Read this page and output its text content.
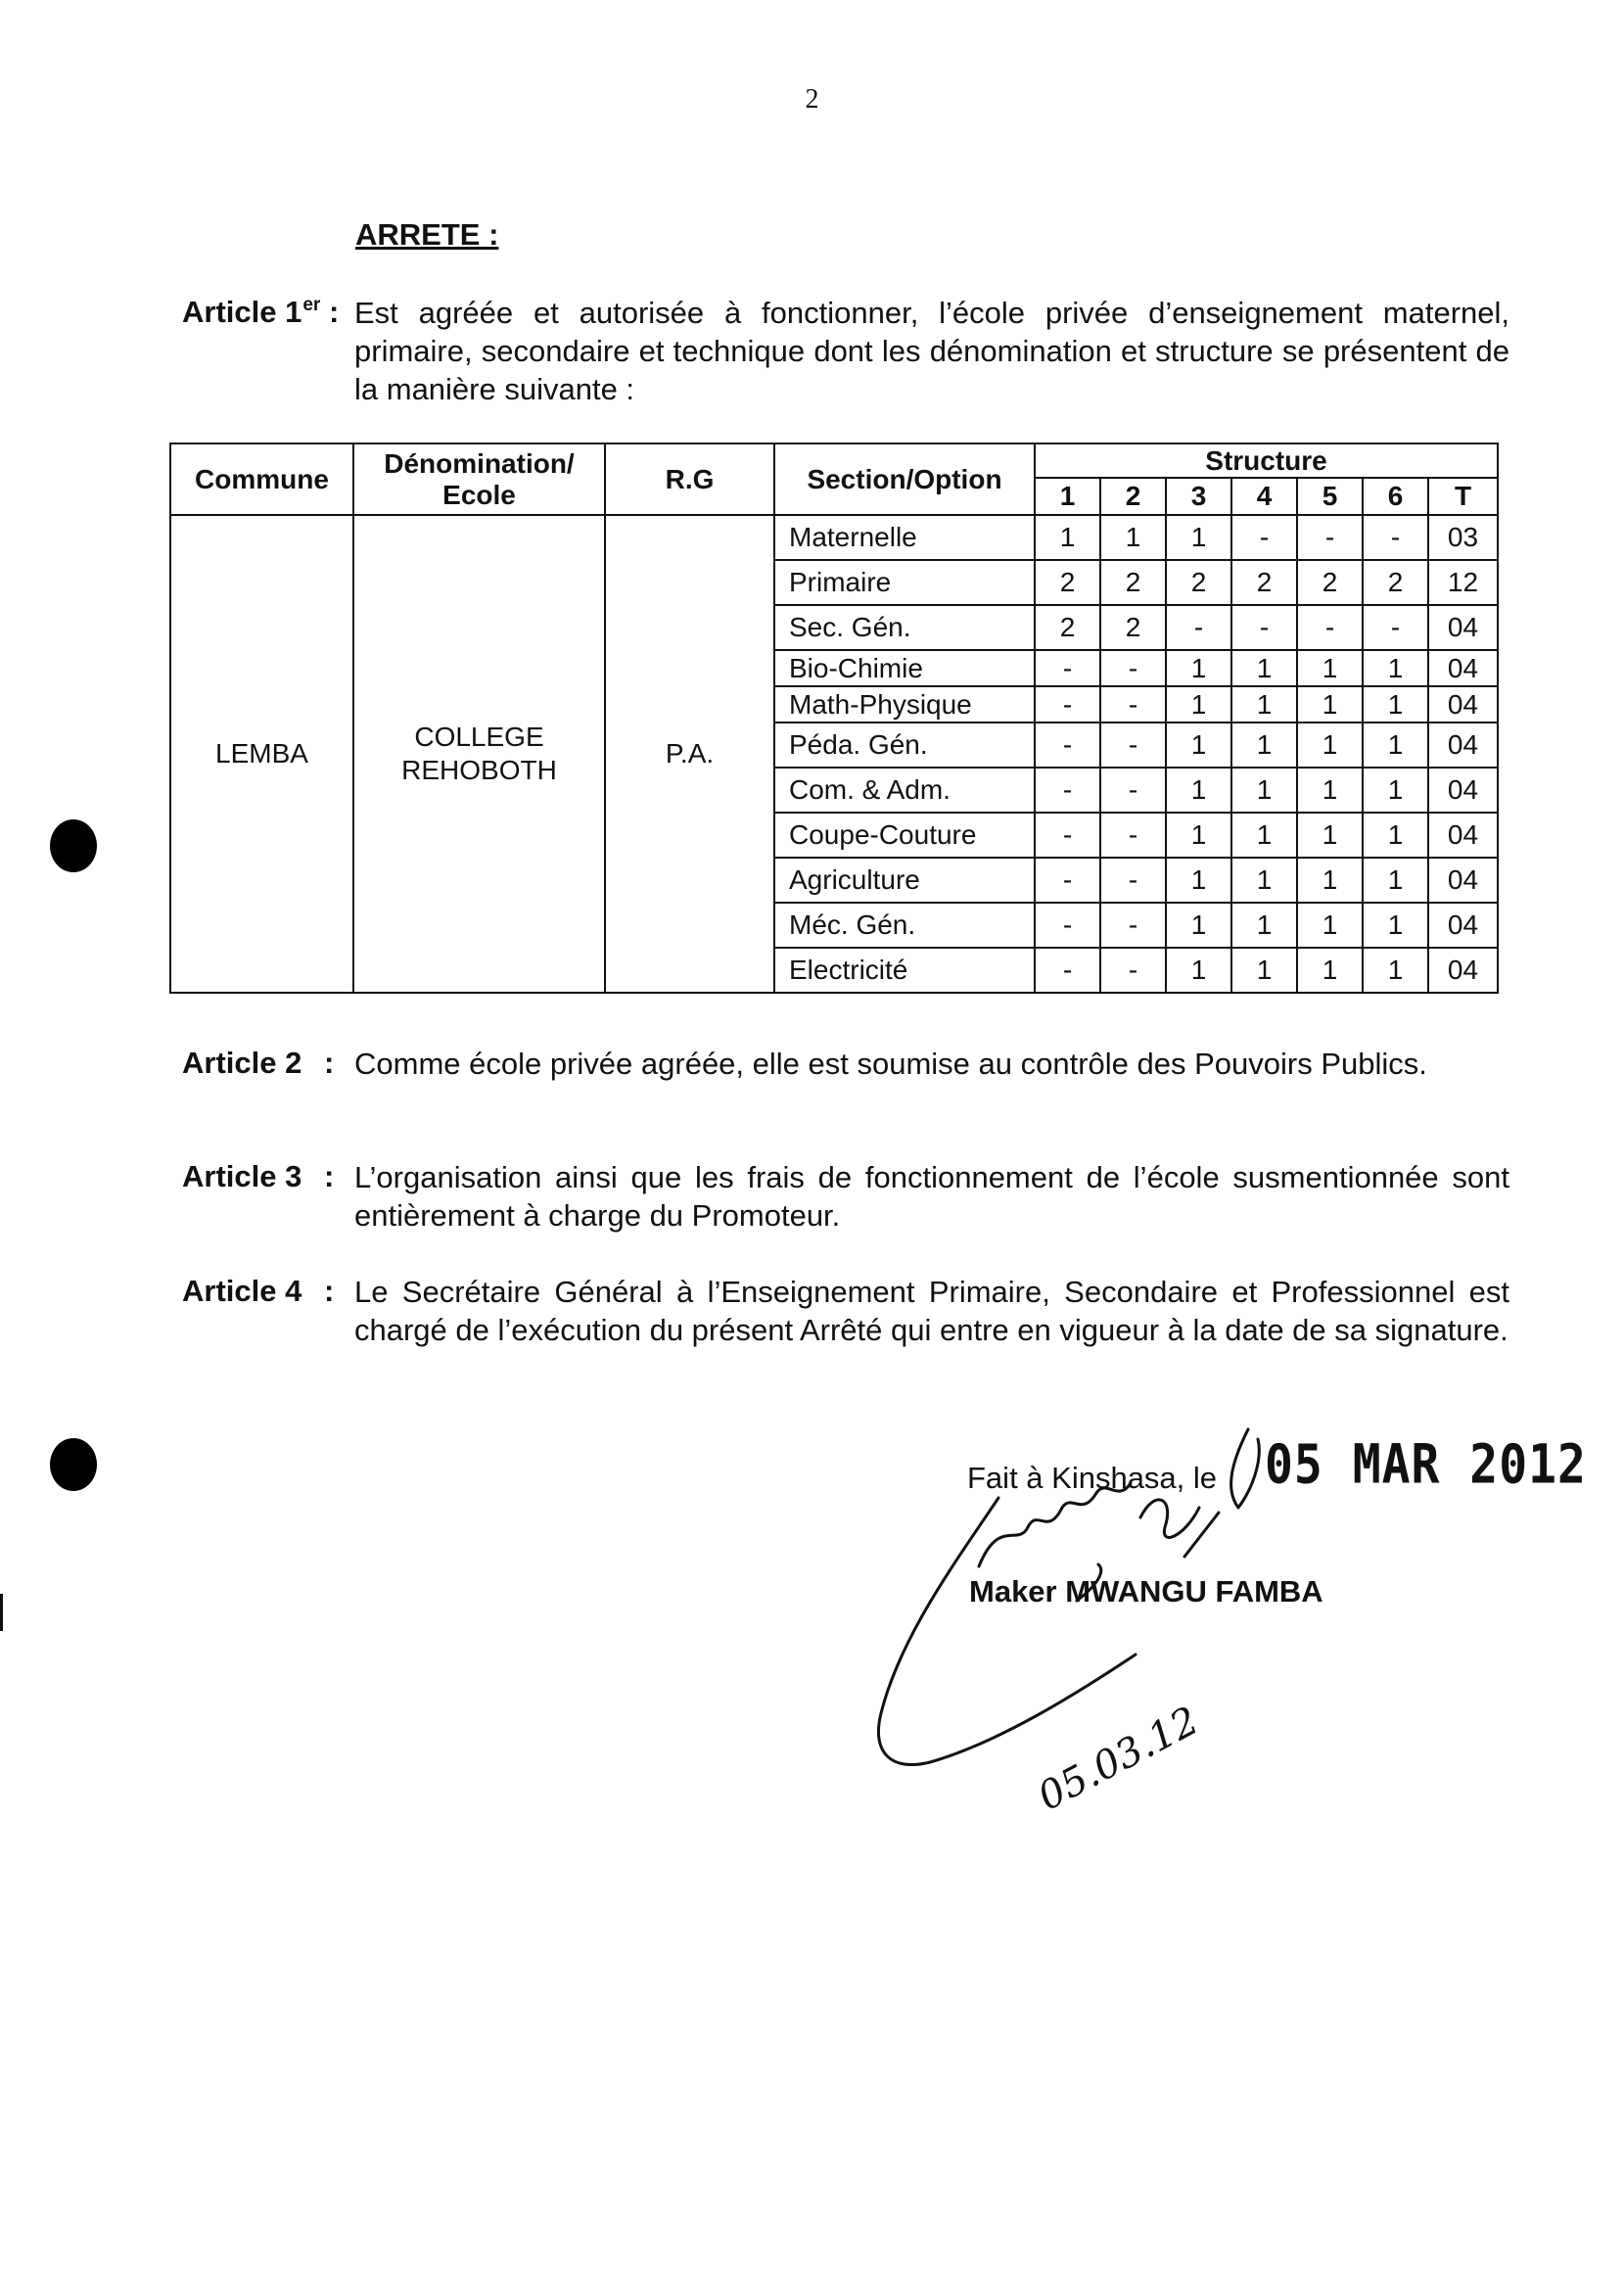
2
ARRETE :
Article 1er : Est agréée et autorisée à fonctionner, l’école privée d’enseignement maternel, primaire, secondaire et technique dont les dénomination et structure se présentent de la manière suivante :
Commune	Dénomination/ Ecole	R.G	Section/Option	Structure						
				1	2	3	4	5	6	T
LEMBA	COLLEGE REHOBOTH	P.A.	Maternelle	1	1	1	-	-	-	03
			Primaire	2	2	2	2	2	2	12
			Sec. Gén.	2	2	-	-	-	-	04
			Bio-Chimie	-	-	1	1	1	1	04
			Math-Physique	-	-	1	1	1	1	04
			Péda. Gén.	-	-	1	1	1	1	04
			Com. & Adm.	-	-	1	1	1	1	04
			Coupe-Couture	-	-	1	1	1	1	04
			Agriculture	-	-	1	1	1	1	04
			Méc. Gén.	-	-	1	1	1	1	04
			Electricité	-	-	1	1	1	1	04
Article 2 : Comme école privée agréée, elle est soumise au contrôle des Pouvoirs Publics.
Article 3 : L’organisation ainsi que les frais de fonctionnement de l’école susmentionnée sont entièrement à charge du Promoteur.
Article 4 : Le Secrétaire Général à l’Enseignement Primaire, Secondaire et Professionnel est chargé de l’exécution du présent Arrêté qui entre en vigueur à la date de sa signature.
Fait à Kinshasa, le 05 MAR 2012
Maker MWANGU FAMBA
05.03.12
